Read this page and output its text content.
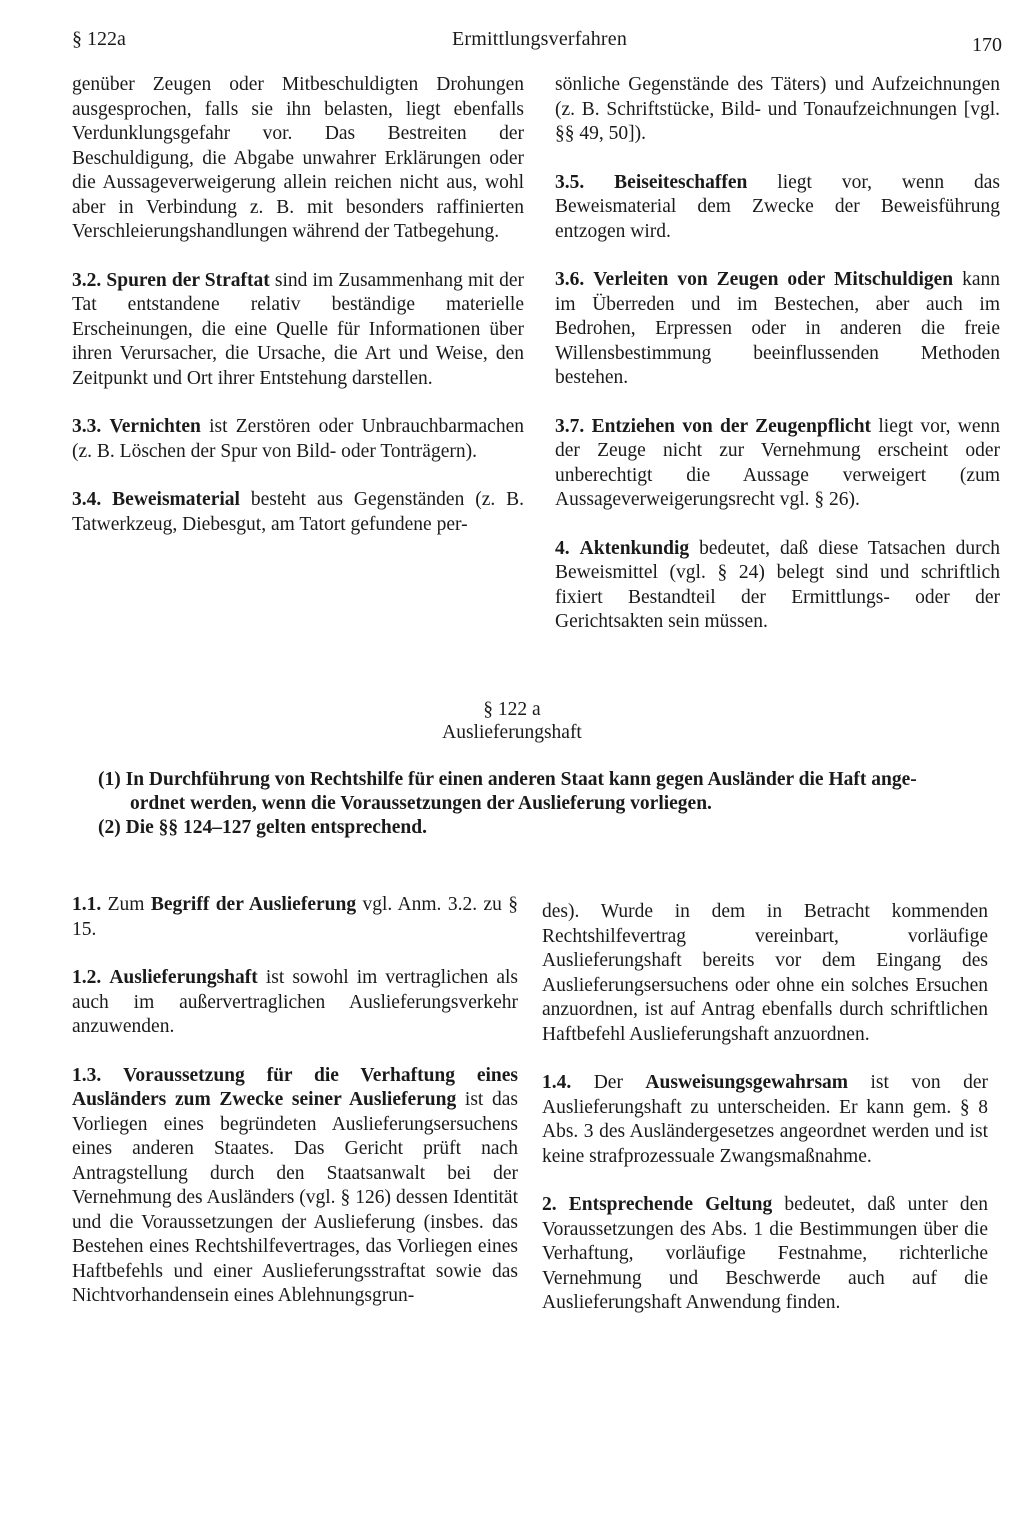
§ 122a	Ermittlungsverfahren	170

genüber Zeugen oder Mitbeschuldigten Drohungen ausgesprochen, falls sie ihn belasten, liegt ebenfalls Verdunklungsgefahr vor. Das Bestreiten der Beschuldigung, die Abgabe unwahrer Erklärungen oder die Aussageverweigerung allein reichen nicht aus, wohl aber in Verbindung z. B. mit besonders raffinierten Verschleierungshandlungen während der Tatbegehung.

3.2. Spuren der Straftat sind im Zusammenhang mit der Tat entstandene relativ beständige materielle Erscheinungen, die eine Quelle für Informationen über ihren Verursacher, die Ursache, die Art und Weise, den Zeitpunkt und Ort ihrer Entstehung darstellen.

3.3. Vernichten ist Zerstören oder Unbrauchbarmachen (z. B. Löschen der Spur von Bild- oder Tonträgern).

3.4. Beweismaterial besteht aus Gegenständen (z. B. Tatwerkzeug, Diebesgut, am Tatort gefundene per-

sönliche Gegenstände des Täters) und Aufzeichnungen (z. B. Schriftstücke, Bild- und Tonaufzeichnungen [vgl. §§ 49, 50]).

3.5. Beiseiteschaffen liegt vor, wenn das Beweismaterial dem Zwecke der Beweisführung entzogen wird.

3.6. Verleiten von Zeugen oder Mitschuldigen kann im Überreden und im Bestechen, aber auch im Bedrohen, Erpressen oder in anderen die freie Willensbestimmung beeinflussenden Methoden bestehen.

3.7. Entziehen von der Zeugenpflicht liegt vor, wenn der Zeuge nicht zur Vernehmung erscheint oder unberechtigt die Aussage verweigert (zum Aussageverweigerungsrecht vgl. § 26).

4. Aktenkundig bedeutet, daß diese Tatsachen durch Beweismittel (vgl. § 24) belegt sind und schriftlich fixiert Bestandteil der Ermittlungs- oder der Gerichtsakten sein müssen.

§ 122 a
Auslieferungshaft
(1) In Durchführung von Rechtshilfe für einen anderen Staat kann gegen Ausländer die Haft ange-
ordnet werden, wenn die Voraussetzungen der Auslieferung vorliegen.
(2) Die §§ 124–127 gelten entsprechend.

1.1. Zum Begriff der Auslieferung vgl. Anm. 3.2. zu § 15.

1.2. Auslieferungshaft ist sowohl im vertraglichen als auch im außervertraglichen Auslieferungsverkehr anzuwenden.

1.3. Voraussetzung für die Verhaftung eines Ausländers zum Zwecke seiner Auslieferung ist das Vorliegen eines begründeten Auslieferungsersuchens eines anderen Staates. Das Gericht prüft nach Antragstellung durch den Staatsanwalt bei der Vernehmung des Ausländers (vgl. § 126) dessen Identität und die Voraussetzungen der Auslieferung (insbes. das Bestehen eines Rechtshilfevertrages, das Vorliegen eines Haftbefehls und einer Auslieferungsstraftat sowie das Nichtvorhandensein eines Ablehnungsgrun-

des). Wurde in dem in Betracht kommenden Rechtshilfevertrag vereinbart, vorläufige Auslieferungshaft bereits vor dem Eingang des Auslieferungsersuchens oder ohne ein solches Ersuchen anzuordnen, ist auf Antrag ebenfalls durch schriftlichen Haftbefehl Auslieferungshaft anzuordnen.

1.4. Der Ausweisungsgewahrsam ist von der Auslieferungshaft zu unterscheiden. Er kann gem. § 8 Abs. 3 des Ausländergesetzes angeordnet werden und ist keine strafprozessuale Zwangsmaßnahme.

2. Entsprechende Geltung bedeutet, daß unter den Voraussetzungen des Abs. 1 die Bestimmungen über die Verhaftung, vorläufige Festnahme, richterliche Vernehmung und Beschwerde auch auf die Auslieferungshaft Anwendung finden.
